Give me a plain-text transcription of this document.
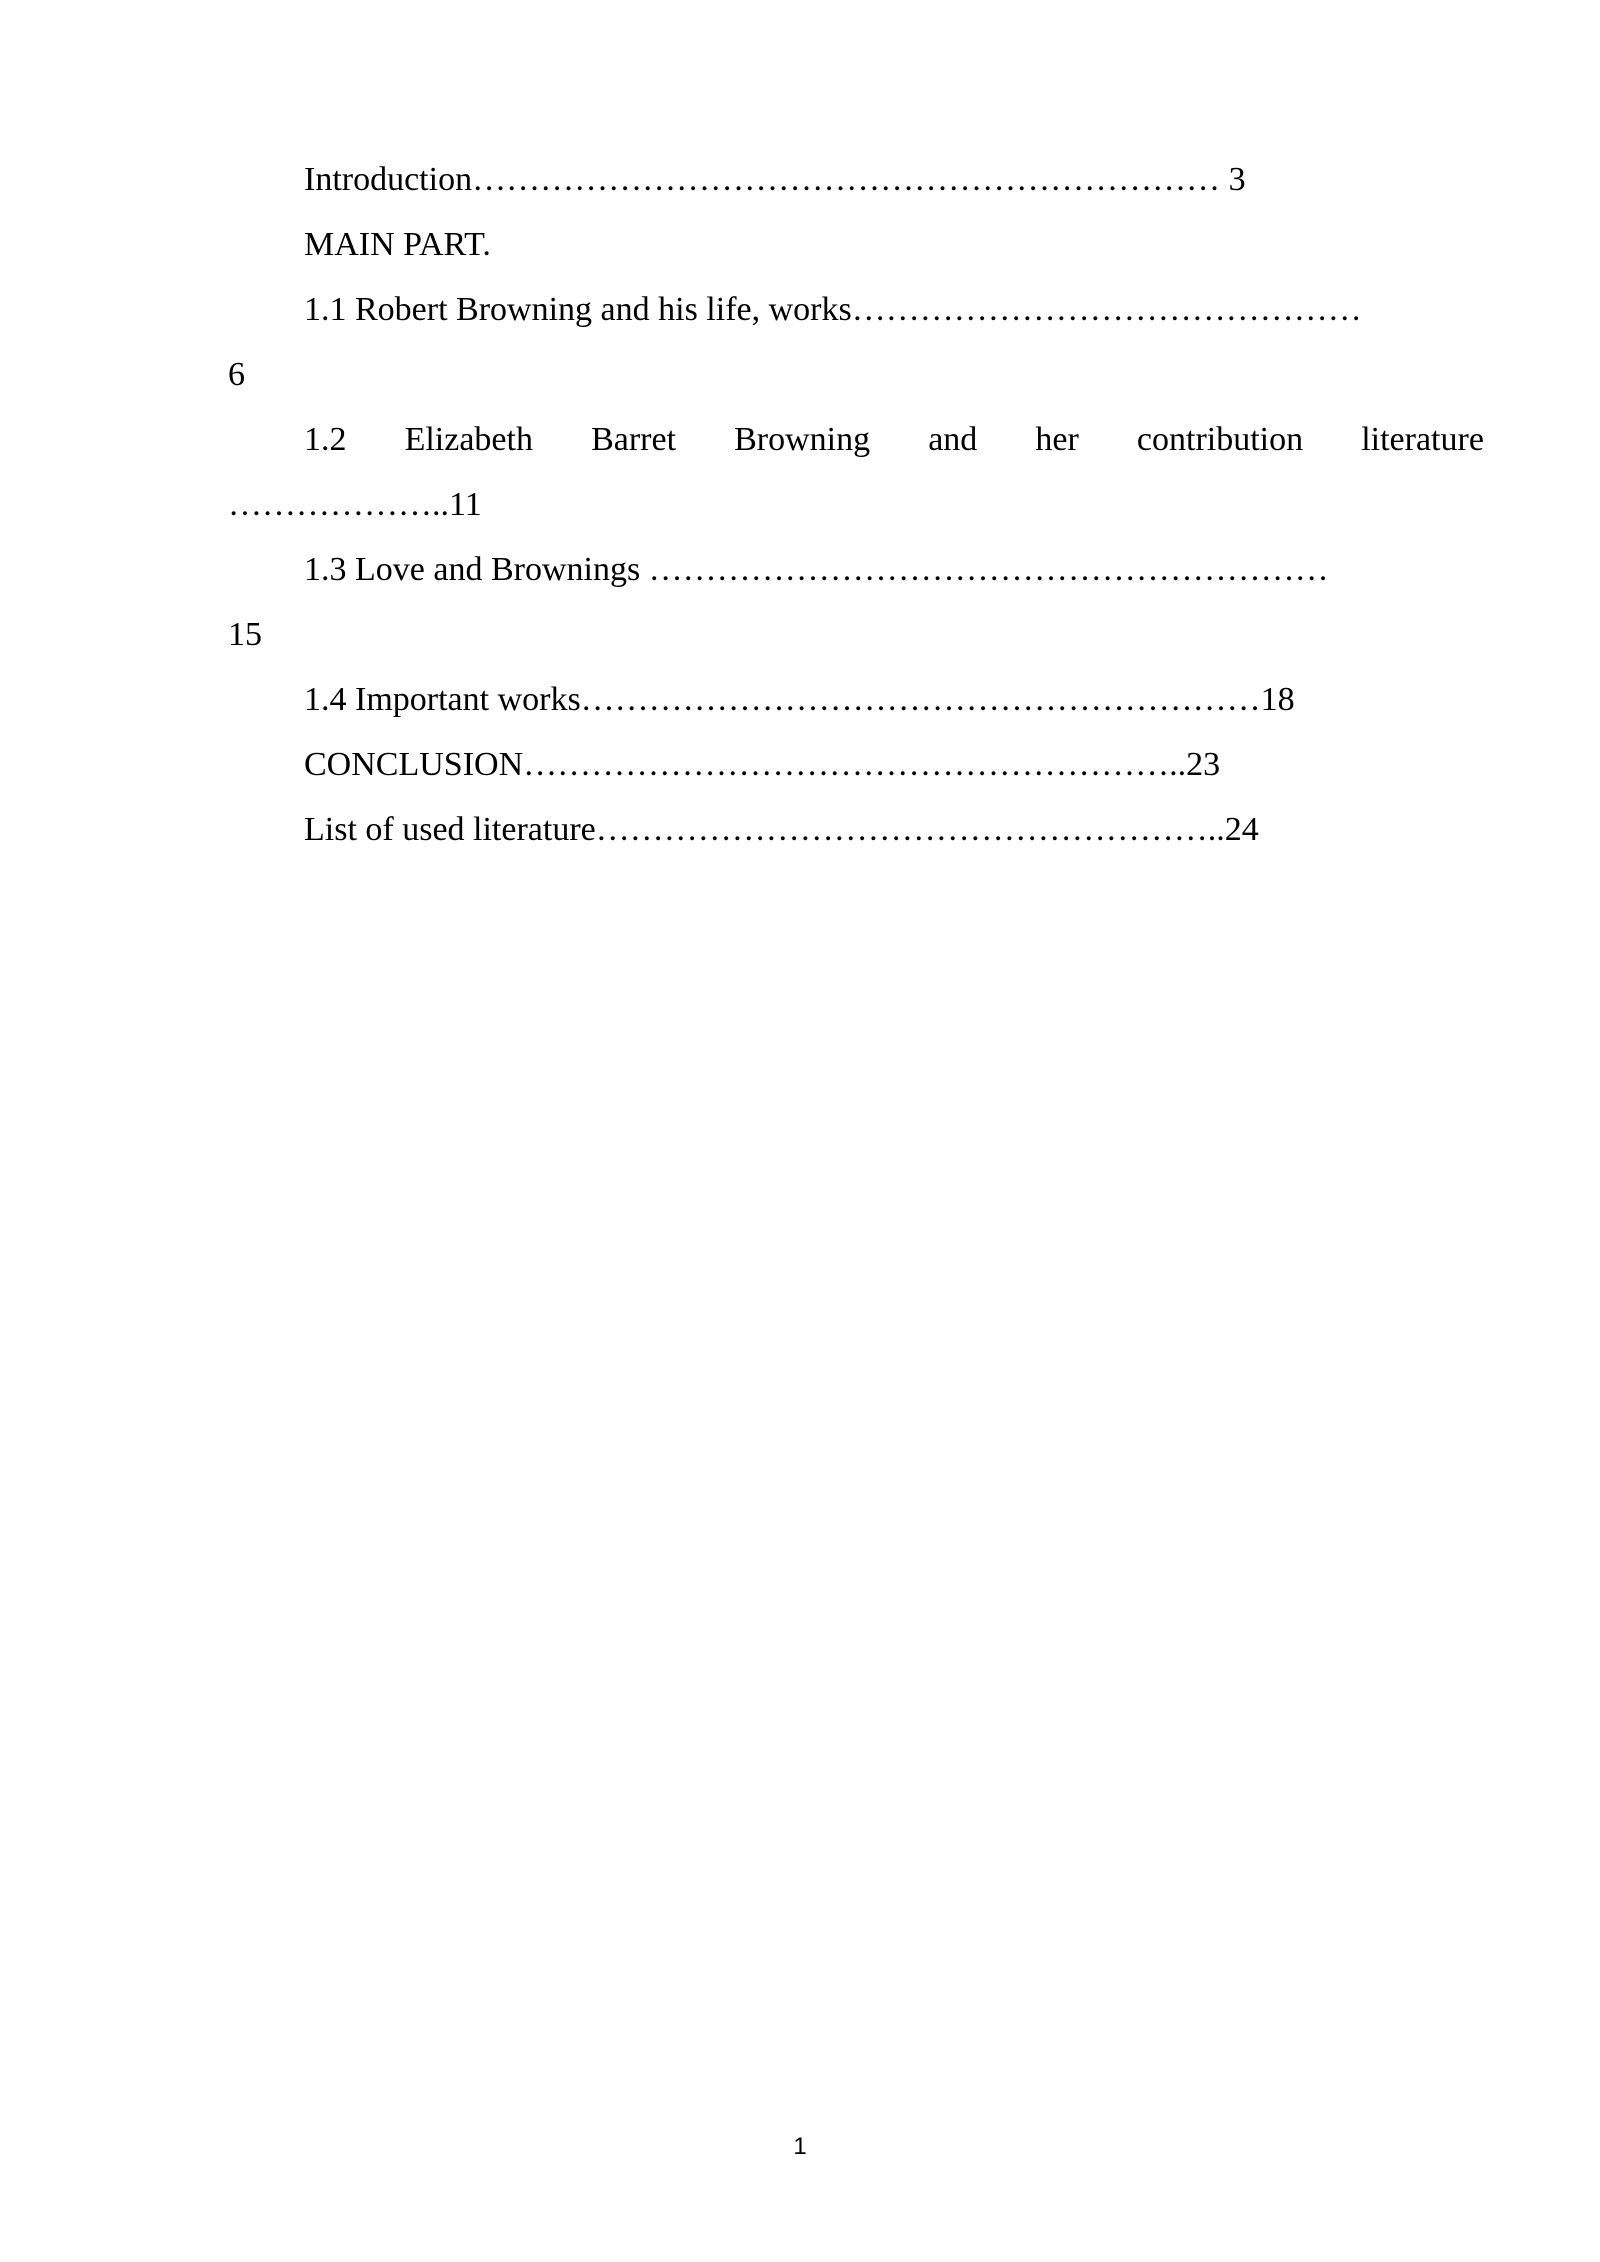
Introduction………………………………………………………… 3
MAIN PART.
1.1 Robert Browning and his life, works………………………………………
6
1.2 Elizabeth Barret Browning and her contribution literature
………………..11
1.3 Love and Brownings ……………………………………………………
15
1.4 Important works……………………………………………………18
CONCLUSION…………………………………………………..23
List of used literature………………………………………………..24
1
